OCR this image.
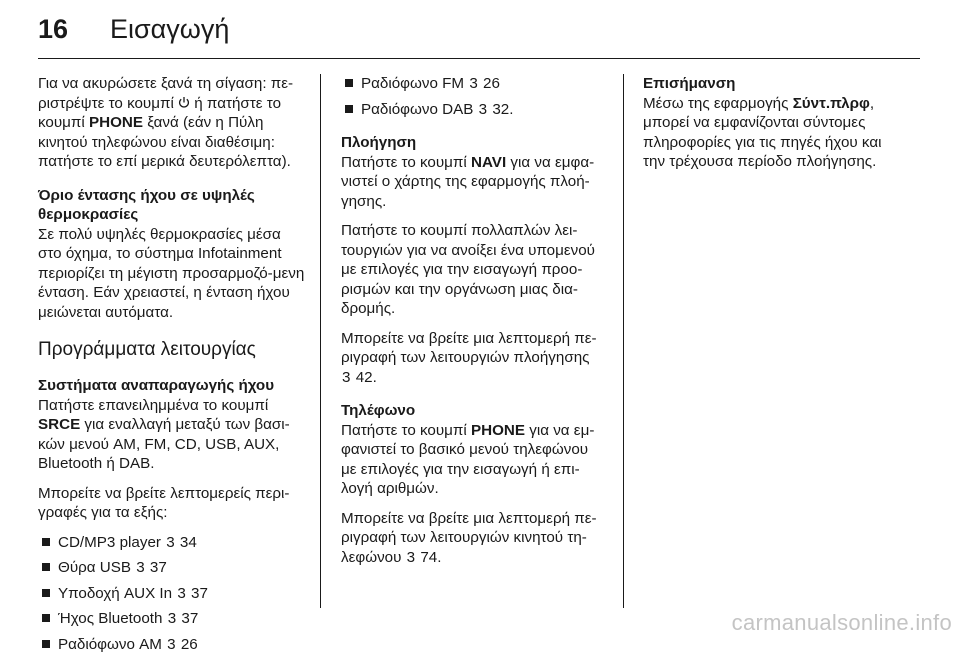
16	Εισαγωγή

Για να ακυρώσετε ξανά τη σίγαση: πε-ριστρέψτε το κουμπί  ή πατήστε το κουμπί PHONE ξανά (εάν η Πύλη κινητού τηλεφώνου είναι διαθέσιμη: πατήστε το επί μερικά δευτερόλεπτα).

Όριο έντασης ήχου σε υψηλές θερμοκρασίες
Σε πολύ υψηλές θερμοκρασίες μέσα στο όχημα, το σύστημα Infotainment περιορίζει τη μέγιστη προσαρμοζό-μενη ένταση. Εάν χρειαστεί, η ένταση ήχου μειώνεται αυτόματα.

Προγράμματα λειτουργίας

Συστήματα αναπαραγωγής ήχου
Πατήστε επανειλημμένα το κουμπί SRCE για εναλλαγή μεταξύ των βασι-κών μενού AM, FM, CD, USB, AUX, Bluetooth ή DAB.

Μπορείτε να βρείτε λεπτομερείς περι-γραφές για τα εξής:

CD/MP3 player 3 34
Θύρα USB 3 37
Υποδοχή AUX In 3 37
Ήχος Bluetooth 3 37
Ραδιόφωνο AM 3 26
Ραδιόφωνο FM 3 26
Ραδιόφωνο DAB 3 32.

Πλοήγηση
Πατήστε το κουμπί NAVI για να εμφα-νιστεί ο χάρτης της εφαρμογής πλοή-γησης.

Πατήστε το κουμπί πολλαπλών λει-τουργιών για να ανοίξει ένα υπομενού με επιλογές για την εισαγωγή προο-ρισμών και την οργάνωση μιας δια-δρομής.

Μπορείτε να βρείτε μια λεπτομερή πε-ριγραφή των λειτουργιών πλοήγησης 3 42.

Τηλέφωνο
Πατήστε το κουμπί PHONE για να εμ-φανιστεί το βασικό μενού τηλεφώνου με επιλογές για την εισαγωγή ή επι-λογή αριθμών.

Μπορείτε να βρείτε μια λεπτομερή πε-ριγραφή των λειτουργιών κινητού τη-λεφώνου 3 74.

Επισήμανση
Μέσω της εφαρμογής Σύντ.πλρφ, μπορεί να εμφανίζονται σύντομες πληροφορίες για τις πηγές ήχου και την τρέχουσα περίοδο πλοήγησης.

carmanualsonline.info
